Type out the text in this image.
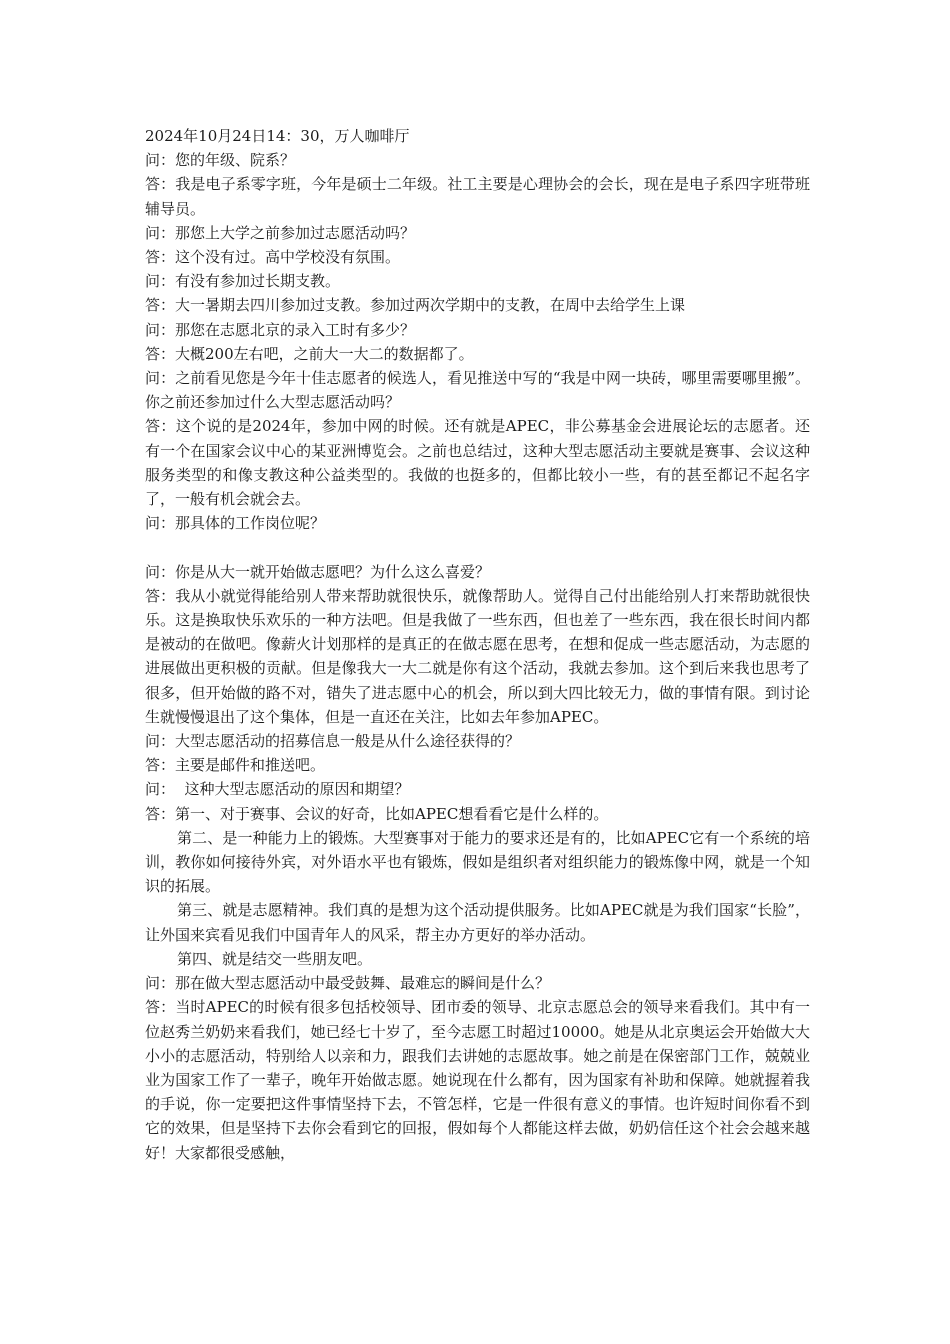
2024年10月24日14：30，万人咖啡厅

问：您的年级、院系？

答：我是电子系零字班，今年是硕士二年级。社工主要是心理协会的会长，现在是电子系四字班带班辅导员。

问：那您上大学之前参加过志愿活动吗？

答：这个没有过。高中学校没有氛围。

问：有没有参加过长期支教。

答：大一暑期去四川参加过支教。参加过两次学期中的支教，在周中去给学生上课

问：那您在志愿北京的录入工时有多少？

答：大概200左右吧，之前大一大二的数据都了。

问：之前看见您是今年十佳志愿者的候选人，看见推送中写的“我是中网一块砖，哪里需要哪里搬”。你之前还参加过什么大型志愿活动吗？

答：这个说的是2024年，参加中网的时候。还有就是APEC，非公募基金会进展论坛的志愿者。还有一个在国家会议中心的某亚洲博览会。之前也总结过，这种大型志愿活动主要就是赛事、会议这种服务类型的和像支教这种公益类型的。我做的也挺多的，但都比较小一些，有的甚至都记不起名字了，一般有机会就会去。

问：那具体的工作岗位呢？

问：你是从大一就开始做志愿吧？为什么这么喜爱？

答：我从小就觉得能给别人带来帮助就很快乐，就像帮助人。觉得自己付出能给别人打来帮助就很快乐。这是换取快乐欢乐的一种方法吧。但是我做了一些东西，但也差了一些东西，我在很长时间内都是被动的在做吧。像薪火计划那样的是真正的在做志愿在思考，在想和促成一些志愿活动，为志愿的进展做出更积极的贡献。但是像我大一大二就是你有这个活动，我就去参加。这个到后来我也思考了很多，但开始做的路不对，错失了进志愿中心的机会，所以到大四比较无力，做的事情有限。到讨论生就慢慢退出了这个集体，但是一直还在关注，比如去年参加APEC。

问：大型志愿活动的招募信息一般是从什么途径获得的？

答：主要是邮件和推送吧。

问：  这种大型志愿活动的原因和期望？

答：第一、对于赛事、会议的好奇，比如APEC想看看它是什么样的。

第二、是一种能力上的锻炼。大型赛事对于能力的要求还是有的，比如APEC它有一个系统的培训，教你如何接待外宾，对外语水平也有锻炼，假如是组织者对组织能力的锻炼像中网，就是一个知识的拓展。

第三、就是志愿精神。我们真的是想为这个活动提供服务。比如APEC就是为我们国家“长脸”，让外国来宾看见我们中国青年人的风采，帮主办方更好的举办活动。

第四、就是结交一些朋友吧。

问：那在做大型志愿活动中最受鼓舞、最难忘的瞬间是什么？

答：当时APEC的时候有很多包括校领导、团市委的领导、北京志愿总会的领导来看我们。其中有一位赵秀兰奶奶来看我们，她已经七十岁了，至今志愿工时超过10000。她是从北京奥运会开始做大大小小的志愿活动，特别给人以亲和力，跟我们去讲她的志愿故事。她之前是在保密部门工作，兢兢业业为国家工作了一辈子，晚年开始做志愿。她说现在什么都有，因为国家有补助和保障。她就握着我的手说，你一定要把这件事情坚持下去，不管怎样，它是一件很有意义的事情。也许短时间你看不到它的效果，但是坚持下去你会看到它的回报，假如每个人都能这样去做，奶奶信任这个社会会越来越好！大家都很受感触，
